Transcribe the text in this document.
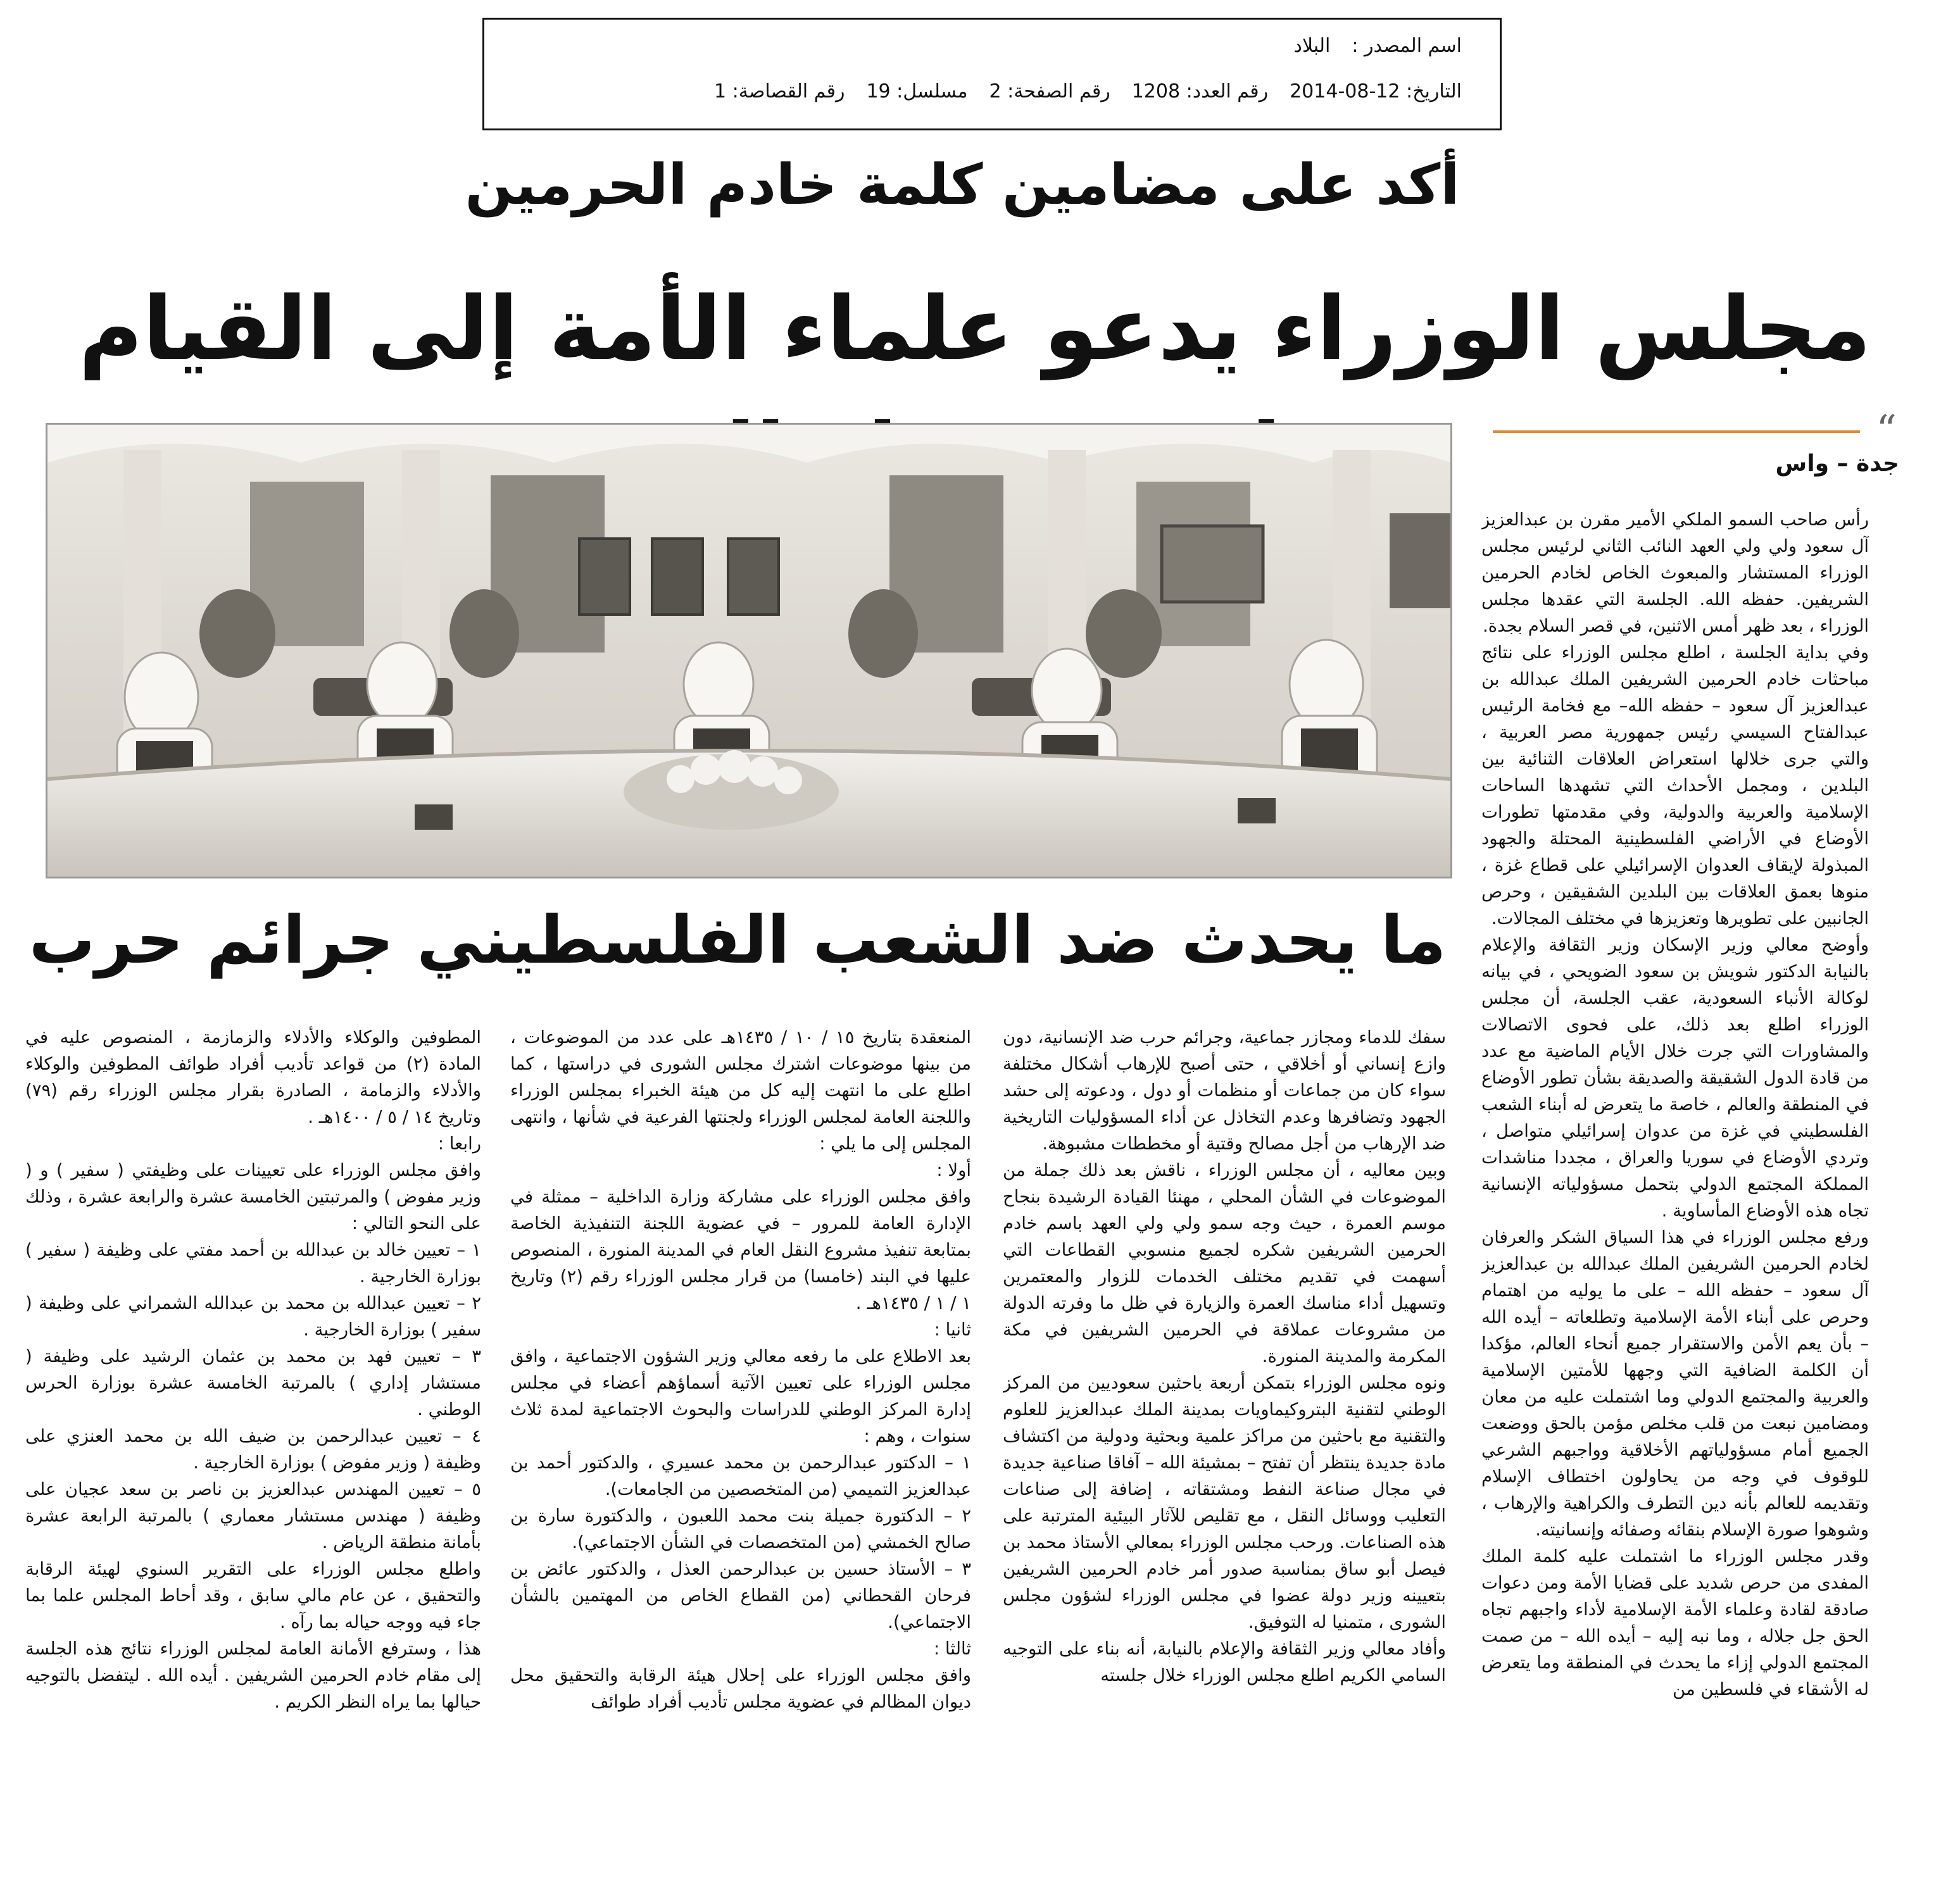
اسم المصدر :
البلاد
التاريخ: 12-08-2014
رقم العدد: 1208
رقم الصفحة: 2
مسلسل: 19
رقم القصاصة: 1
أكد على مضامين كلمة خادم الحرمين
مجلس الوزراء يدعو علماء الأمة إلى القيام
ما يحدث ضد الشعب الفلسطيني جرائم حرب
“
جدة – واس

رأس صاحب السمو الملكي الأمير مقرن بن عبدالعزيز آل سعود ولي ولي العهد النائب الثاني لرئيس مجلس الوزراء المستشار والمبعوث الخاص لخادم الحرمين الشريفين. حفظه الله. الجلسة التي عقدها مجلس الوزراء ، بعد ظهر أمس الاثنين، في قصر السلام بجدة.

وفي بداية الجلسة ، اطلع مجلس الوزراء على نتائج مباحثات خادم الحرمين الشريفين الملك عبدالله بن عبدالعزيز آل سعود – حفظه الله– مع فخامة الرئيس عبدالفتاح السيسي رئيس جمهورية مصر العربية ، والتي جرى خلالها استعراض العلاقات الثنائية بين البلدين ، ومجمل الأحداث التي تشهدها الساحات الإسلامية والعربية والدولية، وفي مقدمتها تطورات الأوضاع في الأراضي الفلسطينية المحتلة والجهود المبذولة لإيقاف العدوان الإسرائيلي على قطاع غزة ، منوها بعمق العلاقات بين البلدين الشقيقين ، وحرص الجانبين على تطويرها وتعزيزها في مختلف المجالات.

وأوضح معالي وزير الإسكان وزير الثقافة والإعلام بالنيابة الدكتور شويش بن سعود الضويحي ، في بيانه لوكالة الأنباء السعودية، عقب الجلسة، أن مجلس الوزراء اطلع بعد ذلك، على فحوى الاتصالات والمشاورات التي جرت خلال الأيام الماضية مع عدد من قادة الدول الشقيقة والصديقة بشأن تطور الأوضاع في المنطقة والعالم ، خاصة ما يتعرض له أبناء الشعب الفلسطيني في غزة من عدوان إسرائيلي متواصل ، وتردي الأوضاع في سوريا والعراق ، مجددا مناشدات المملكة المجتمع الدولي بتحمل مسؤولياته الإنسانية تجاه هذه الأوضاع المأساوية .

ورفع مجلس الوزراء في هذا السياق الشكر والعرفان لخادم الحرمين الشريفين الملك عبدالله بن عبدالعزيز آل سعود – حفظه الله – على ما يوليه من اهتمام وحرص على أبناء الأمة الإسلامية وتطلعاته – أيده الله – بأن يعم الأمن والاستقرار جميع أنحاء العالم، مؤكدا أن الكلمة الضافية التي وجهها للأمتين الإسلامية والعربية والمجتمع الدولي وما اشتملت عليه من معان ومضامين نبعت من قلب مخلص مؤمن بالحق ووضعت الجميع أمام مسؤولياتهم الأخلاقية وواجبهم الشرعي للوقوف في وجه من يحاولون اختطاف الإسلام وتقديمه للعالم بأنه دين التطرف والكراهية والإرهاب ، وشوهوا صورة الإسلام بنقائه وصفائه وإنسانيته.

وقدر مجلس الوزراء ما اشتملت عليه كلمة الملك المفدى من حرص شديد على قضايا الأمة ومن دعوات صادقة لقادة وعلماء الأمة الإسلامية لأداء واجبهم تجاه الحق جل جلاله ، وما نبه إليه – أيده الله – من صمت المجتمع الدولي إزاء ما يحدث في المنطقة وما يتعرض له الأشقاء في فلسطين من

سفك للدماء ومجازر جماعية، وجرائم حرب ضد الإنسانية، دون وازع إنساني أو أخلاقي ، حتى أصبح للإرهاب أشكال مختلفة سواء كان من جماعات أو منظمات أو دول ، ودعوته إلى حشد الجهود وتضافرها وعدم التخاذل عن أداء المسؤوليات التاريخية ضد الإرهاب من أجل مصالح وقتية أو مخططات مشبوهة.

وبين معاليه ، أن مجلس الوزراء ، ناقش بعد ذلك جملة من الموضوعات في الشأن المحلي ، مهنئا القيادة الرشيدة بنجاح موسم العمرة ، حيث وجه سمو ولي ولي العهد باسم خادم الحرمين الشريفين شكره لجميع منسوبي القطاعات التي أسهمت في تقديم مختلف الخدمات للزوار والمعتمرين وتسهيل أداء مناسك العمرة والزيارة في ظل ما وفرته الدولة من مشروعات عملاقة في الحرمين الشريفين في مكة المكرمة والمدينة المنورة.

ونوه مجلس الوزراء بتمكن أربعة باحثين سعوديين من المركز الوطني لتقنية البتروكيماويات بمدينة الملك عبدالعزيز للعلوم والتقنية مع باحثين من مراكز علمية وبحثية ودولية من اكتشاف مادة جديدة ينتظر أن تفتح – بمشيئة الله – آفاقا صناعية جديدة في مجال صناعة النفط ومشتقاته ، إضافة إلى صناعات التعليب ووسائل النقل ، مع تقليص للآثار البيئية المترتبة على هذه الصناعات. ورحب مجلس الوزراء بمعالي الأستاذ محمد بن فيصل أبو ساق بمناسبة صدور أمر خادم الحرمين الشريفين بتعيينه وزير دولة عضوا في مجلس الوزراء لشؤون مجلس الشورى ، متمنيا له التوفيق.

وأفاد معالي وزير الثقافة والإعلام بالنيابة، أنه بناء على التوجيه السامي الكريم اطلع مجلس الوزراء خلال جلسته

المنعقدة بتاريخ ١٥ / ١٠ / ١٤٣٥هـ على عدد من الموضوعات ، من بينها موضوعات اشترك مجلس الشورى في دراستها ، كما اطلع على ما انتهت إليه كل من هيئة الخبراء بمجلس الوزراء واللجنة العامة لمجلس الوزراء ولجنتها الفرعية في شأنها ، وانتهى المجلس إلى ما يلي :

أولا :

وافق مجلس الوزراء على مشاركة وزارة الداخلية – ممثلة في الإدارة العامة للمرور – في عضوية اللجنة التنفيذية الخاصة بمتابعة تنفيذ مشروع النقل العام في المدينة المنورة ، المنصوص عليها في البند (خامسا) من قرار مجلس الوزراء رقم (٢) وتاريخ ١ / ١ / ١٤٣٥هـ .

ثانيا :

بعد الاطلاع على ما رفعه معالي وزير الشؤون الاجتماعية ، وافق مجلس الوزراء على تعيين الآتية أسماؤهم أعضاء في مجلس إدارة المركز الوطني للدراسات والبحوث الاجتماعية لمدة ثلاث سنوات ، وهم :

١ – الدكتور عبدالرحمن بن محمد عسيري ، والدكتور أحمد بن عبدالعزيز التميمي (من المتخصصين من الجامعات).

٢ – الدكتورة جميلة بنت محمد اللعبون ، والدكتورة سارة بن صالح الخمشي (من المتخصصات في الشأن الاجتماعي).

٣ – الأستاذ حسين بن عبدالرحمن العذل ، والدكتور عائض بن فرحان القحطاني (من القطاع الخاص من المهتمين بالشأن الاجتماعي).

ثالثا :

وافق مجلس الوزراء على إحلال هيئة الرقابة والتحقيق محل ديوان المظالم في عضوية مجلس تأديب أفراد طوائف

المطوفين والوكلاء والأدلاء والزمازمة ، المنصوص عليه في المادة (٢) من قواعد تأديب أفراد طوائف المطوفين والوكلاء والأدلاء والزمامة ، الصادرة بقرار مجلس الوزراء رقم (٧٩) وتاريخ ١٤ / ٥ / ١٤٠٠هـ .

رابعا :

وافق مجلس الوزراء على تعيينات على وظيفتي ( سفير ) و ( وزير مفوض ) والمرتبتين الخامسة عشرة والرابعة عشرة ، وذلك على النحو التالي :

١ – تعيين خالد بن عبدالله بن أحمد مفتي على وظيفة ( سفير ) بوزارة الخارجية .

٢ – تعيين عبدالله بن محمد بن عبدالله الشمراني على وظيفة ( سفير ) بوزارة الخارجية .

٣ – تعيين فهد بن محمد بن عثمان الرشيد على وظيفة ( مستشار إداري ) بالمرتبة الخامسة عشرة بوزارة الحرس الوطني .

٤ – تعيين عبدالرحمن بن ضيف الله بن محمد العنزي على وظيفة ( وزير مفوض ) بوزارة الخارجية .

٥ – تعيين المهندس عبدالعزيز بن ناصر بن سعد عجيان على وظيفة ( مهندس مستشار معماري ) بالمرتبة الرابعة عشرة بأمانة منطقة الرياض .

واطلع مجلس الوزراء على التقرير السنوي لهيئة الرقابة والتحقيق ، عن عام مالي سابق ، وقد أحاط المجلس علما بما جاء فيه ووجه حياله بما رآه .

هذا ، وسترفع الأمانة العامة لمجلس الوزراء نتائج هذه الجلسة إلى مقام خادم الحرمين الشريفين . أيده الله . ليتفضل بالتوجيه حيالها بما يراه النظر الكريم .
